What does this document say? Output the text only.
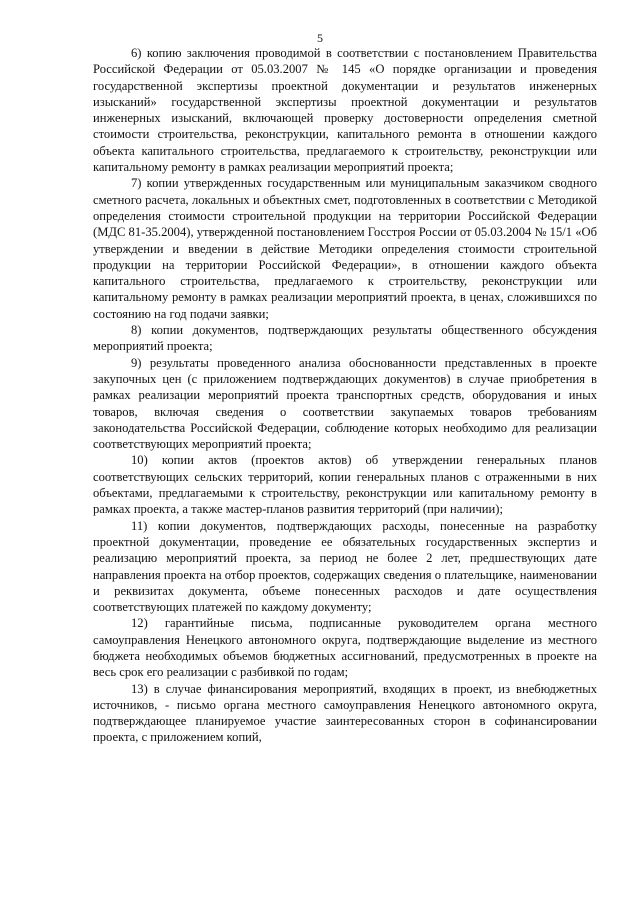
5

6) копию заключения проводимой в соответствии с постановлением Правительства Российской Федерации от 05.03.2007 № 145 «О порядке организации и проведения государственной экспертизы проектной документации и результатов инженерных изысканий» государственной экспертизы проектной документации и результатов инженерных изысканий, включающей проверку достоверности определения сметной стоимости строительства, реконструкции, капитального ремонта в отношении каждого объекта капитального строительства, предлагаемого к строительству, реконструкции или капитальному ремонту в рамках реализации мероприятий проекта;

7) копии утвержденных государственным или муниципальным заказчиком сводного сметного расчета, локальных и объектных смет, подготовленных в соответствии с Методикой определения стоимости строительной продукции на территории Российской Федерации (МДС 81-35.2004), утвержденной постановлением Госстроя России от 05.03.2004 № 15/1 «Об утверждении и введении в действие Методики определения стоимости строительной продукции на территории Российской Федерации», в отношении каждого объекта капитального строительства, предлагаемого к строительству, реконструкции или капитальному ремонту в рамках реализации мероприятий проекта, в ценах, сложившихся по состоянию на год подачи заявки;

8) копии документов, подтверждающих результаты общественного обсуждения мероприятий проекта;

9) результаты проведенного анализа обоснованности представленных в проекте закупочных цен (с приложением подтверждающих документов) в случае приобретения в рамках реализации мероприятий проекта транспортных средств, оборудования и иных товаров, включая сведения о соответствии закупаемых товаров требованиям законодательства Российской Федерации, соблюдение которых необходимо для реализации соответствующих мероприятий проекта;

10) копии актов (проектов актов) об утверждении генеральных планов соответствующих сельских территорий, копии генеральных планов с отраженными в них объектами, предлагаемыми к строительству, реконструкции или капитальному ремонту в рамках проекта, а также мастер-планов развития территорий (при наличии);

11) копии документов, подтверждающих расходы, понесенные на разработку проектной документации, проведение ее обязательных государственных экспертиз и реализацию мероприятий проекта, за период не более 2 лет, предшествующих дате направления проекта на отбор проектов, содержащих сведения о плательщике, наименовании и реквизитах документа, объеме понесенных расходов и дате осуществления соответствующих платежей по каждому документу;

12) гарантийные письма, подписанные руководителем органа местного самоуправления Ненецкого автономного округа, подтверждающие выделение из местного бюджета необходимых объемов бюджетных ассигнований, предусмотренных в проекте на весь срок его реализации с разбивкой по годам;

13) в случае финансирования мероприятий, входящих в проект, из внебюджетных источников, - письмо органа местного самоуправления Ненецкого автономного округа, подтверждающее планируемое участие заинтересованных сторон в софинансировании проекта, с приложением копий,
